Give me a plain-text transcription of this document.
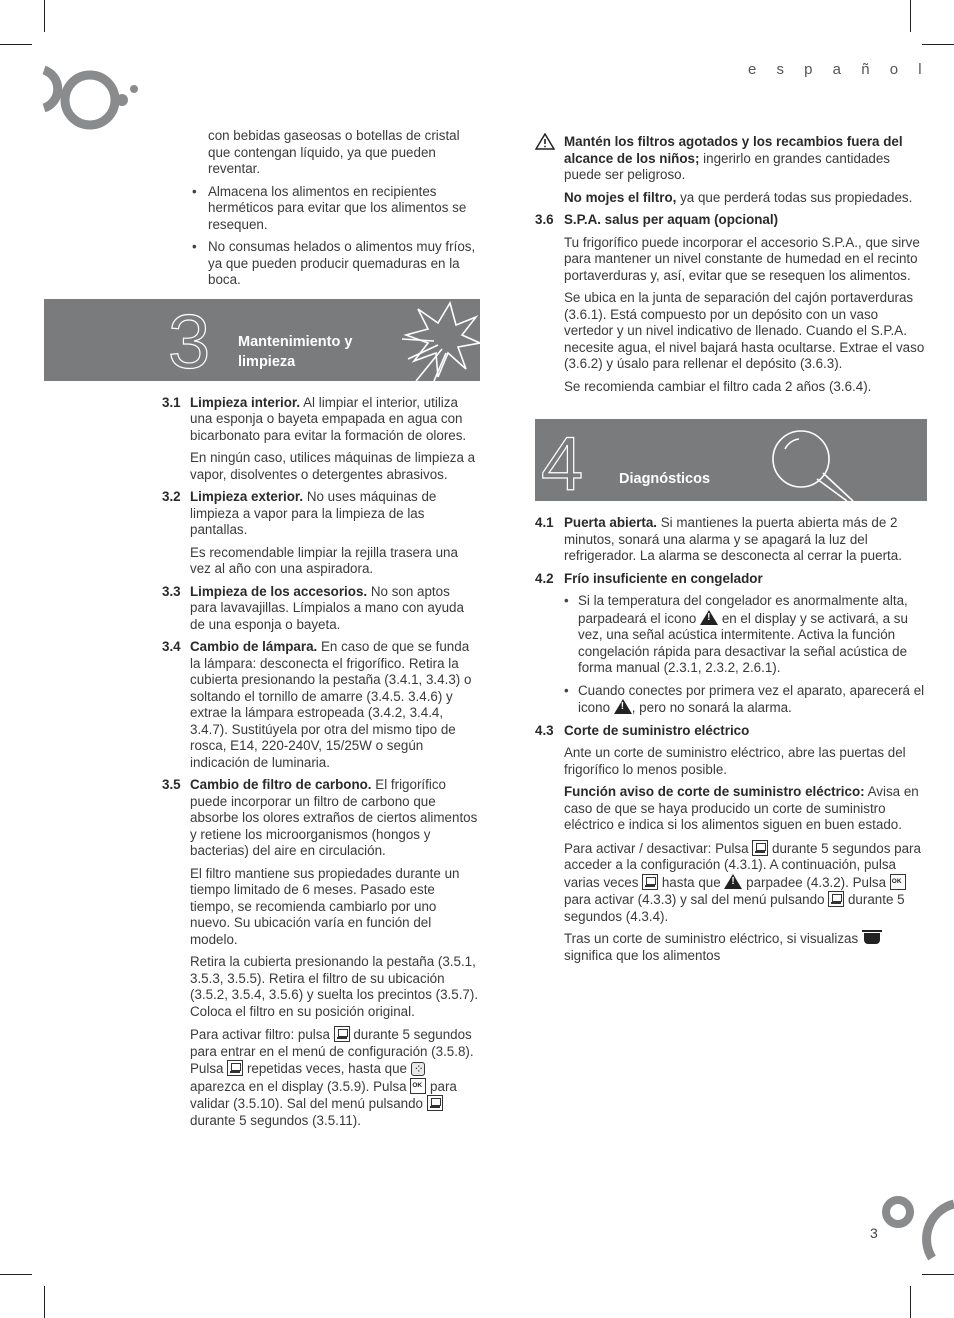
e s p a ñ o l
3

con bebidas gaseosas o botellas de cristal que contengan líquido, ya que pueden reventar.

• Almacena los alimentos en recipientes herméticos para evitar que los alimentos se resequen.
• No consumas helados o alimentos muy fríos, ya que pueden producir quemaduras en la boca.
3 Mantenimiento y
limpieza
3.1 Limpieza interior. Al limpiar el interior, utiliza una esponja o bayeta empapada en agua con bicarbonato para evitar la formación de olores.

En ningún caso, utilices máquinas de limpieza a vapor, disolventes o detergentes abrasivos.

3.2 Limpieza exterior. No uses máquinas de limpieza a vapor para la limpieza de las pantallas.

Es recomendable limpiar la rejilla trasera una vez al año con una aspiradora.

3.3 Limpieza de los accesorios. No son aptos para lavavajillas. Límpialos a mano con ayuda de una esponja o bayeta.
3.4 Cambio de lámpara. En caso de que se funda la lámpara: desconecta el frigorífico. Retira la cubierta presionando la pestaña (3.4.1, 3.4.3) o soltando el tornillo de amarre (3.4.5. 3.4.6) y extrae la lámpara estropeada (3.4.2, 3.4.4, 3.4.7). Sustitúyela por otra del mismo tipo de rosca, E14, 220-240V, 15/25W o según indicación de luminaria.
3.5 Cambio de filtro de carbono. El frigorífico puede incorporar un filtro de carbono que absorbe los olores extraños de ciertos alimentos y retiene los microorganismos (hongos y bacterias) del aire en circulación.

El filtro mantiene sus propiedades durante un tiempo limitado de 6 meses. Pasado este tiempo, se recomienda cambiarlo por uno nuevo. Su ubicación varía en función del modelo.

Retira la cubierta presionando la pestaña (3.5.1, 3.5.3, 3.5.5). Retira el filtro de su ubicación (3.5.2, 3.5.4, 3.5.6) y suelta los precintos (3.5.7). Coloca el filtro en su posición original.

Para activar filtro: pulsa  durante 5 segundos para entrar en el menú de configuración (3.5.8). Pulsa  repetidas veces, hasta que ⁘ aparezca en el display (3.5.9). Pulsa OK para validar (3.5.10). Sal del menú pulsando  durante 5 segundos (3.5.11).

Mantén los filtros agotados y los recambios fuera del alcance de los niños; ingerirlo en grandes cantidades puede ser peligroso.

No mojes el filtro, ya que perderá todas sus propiedades.

3.6 S.P.A. salus per aquam (opcional)

Tu frigorífico puede incorporar el accesorio S.P.A., que sirve para mantener un nivel constante de humedad en el recinto portaverduras y, así, evitar que se resequen los alimentos.

Se ubica en la junta de separación del cajón portaverduras (3.6.1). Está compuesto por un depósito con un vaso vertedor y un nivel indicativo de llenado. Cuando el S.P.A. necesite agua, el nivel bajará hasta ocultarse. Extrae el vaso (3.6.2) y úsalo para rellenar el depósito (3.6.3).

Se recomienda cambiar el filtro cada 2 años (3.6.4).

4 Diagnósticos
4.1 Puerta abierta. Si mantienes la puerta abierta más de 2 minutos, sonará una alarma y se apagará la luz del refrigerador. La alarma se desconecta al cerrar la puerta.
4.2 Frío insuficiente en congelador
• Si la temperatura del congelador es anormalmente alta, parpadeará el icono ! en el display y se activará, a su vez, una señal acústica intermitente. Activa la función congelación rápida para desactivar la señal acústica de forma manual (2.3.1, 2.3.2, 2.6.1).
• Cuando conectes por primera vez el aparato, aparecerá el icono !, pero no sonará la alarma.
4.3 Corte de suministro eléctrico

Ante un corte de suministro eléctrico, abre las puertas del frigorífico lo menos posible.

Función aviso de corte de suministro eléctrico: Avisa en caso de que se haya producido un corte de suministro eléctrico e indica si los alimentos siguen en buen estado.

Para activar / desactivar: Pulsa  durante 5 segundos para acceder a la configuración (4.3.1). A continuación, pulsa varias veces  hasta que ! parpadee (4.3.2). Pulsa OK para activar (4.3.3) y sal del menú pulsando  durante 5 segundos (4.3.4).

Tras un corte de suministro eléctrico, si visualizas  significa que los alimentos
